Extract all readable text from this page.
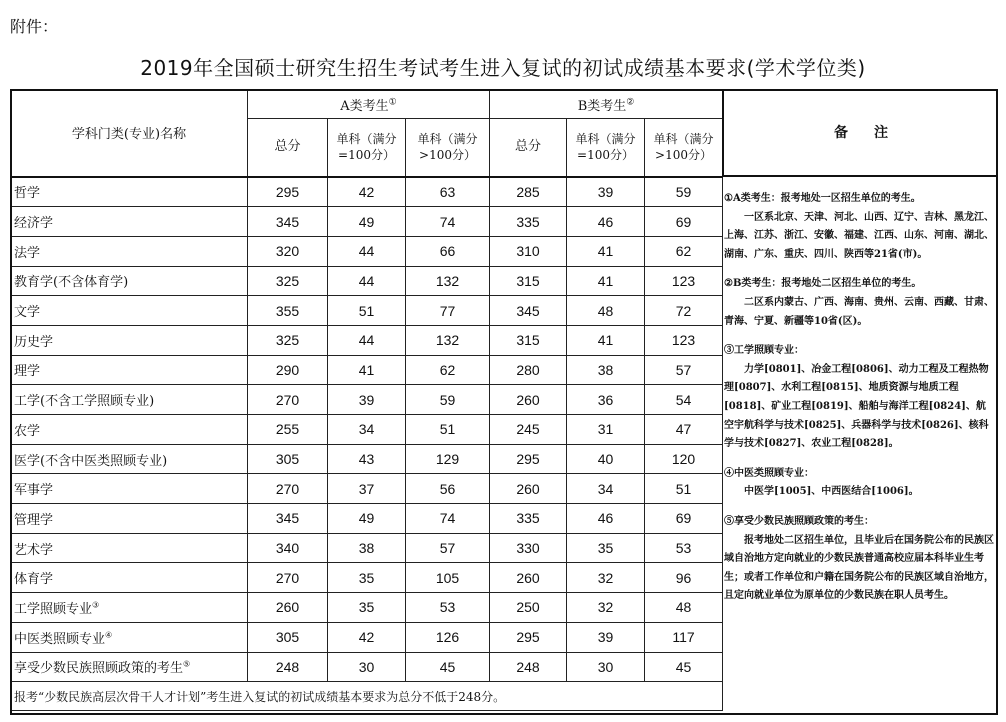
附件：
2019年全国硕士研究生招生考试考生进入复试的初试成绩基本要求(学术学位类)
学科门类(专业)名称	A类考生①			B类考生②
	总分	单科（满分=100分）	单科（满分>100分）	总分	单科（满分=100分）	单科（满分>100分）
哲学	295	42	63	285	39	59
经济学	345	49	74	335	46	69
法学	320	44	66	310	41	62
教育学(不含体育学)	325	44	132	315	41	123
文学	355	51	77	345	48	72
历史学	325	44	132	315	41	123
理学	290	41	62	280	38	57
工学(不含工学照顾专业)	270	39	59	260	36	54
农学	255	34	51	245	31	47
医学(不含中医类照顾专业)	305	43	129	295	40	120
军事学	270	37	56	260	34	51
管理学	345	49	74	335	46	69
艺术学	340	38	57	330	35	53
体育学	270	35	105	260	32	96
工学照顾专业③	260	35	53	250	32	48
中医类照顾专业④	305	42	126	295	39	117
享受少数民族照顾政策的考生⑤	248	30	45	248	30	45
报考“少数民族高层次骨干人才计划”考生进入复试的初试成绩基本要求为总分不低于248分。						
备注
①A类考生：报考地处一区招生单位的考生。
一区系北京、天津、河北、山西、辽宁、吉林、黑龙江、上海、江苏、浙江、安徽、福建、江西、山东、河南、湖北、湖南、广东、重庆、四川、陕西等21省(市)。
②B类考生：报考地处二区招生单位的考生。
二区系内蒙古、广西、海南、贵州、云南、西藏、甘肃、青海、宁夏、新疆等10省(区)。
③工学照顾专业：
力学[0801]、冶金工程[0806]、动力工程及工程热物理[0807]、水利工程[0815]、地质资源与地质工程[0818]、矿业工程[0819]、船舶与海洋工程[0824]、航空宇航科学与技术[0825]、兵器科学与技术[0826]、核科学与技术[0827]、农业工程[0828]。
④中医类照顾专业：
中医学[1005]、中西医结合[1006]。
⑤享受少数民族照顾政策的考生：
报考地处二区招生单位，且毕业后在国务院公布的民族区域自治地方定向就业的少数民族普通高校应届本科毕业生考生；或者工作单位和户籍在国务院公布的民族区域自治地方，且定向就业单位为原单位的少数民族在职人员考生。
